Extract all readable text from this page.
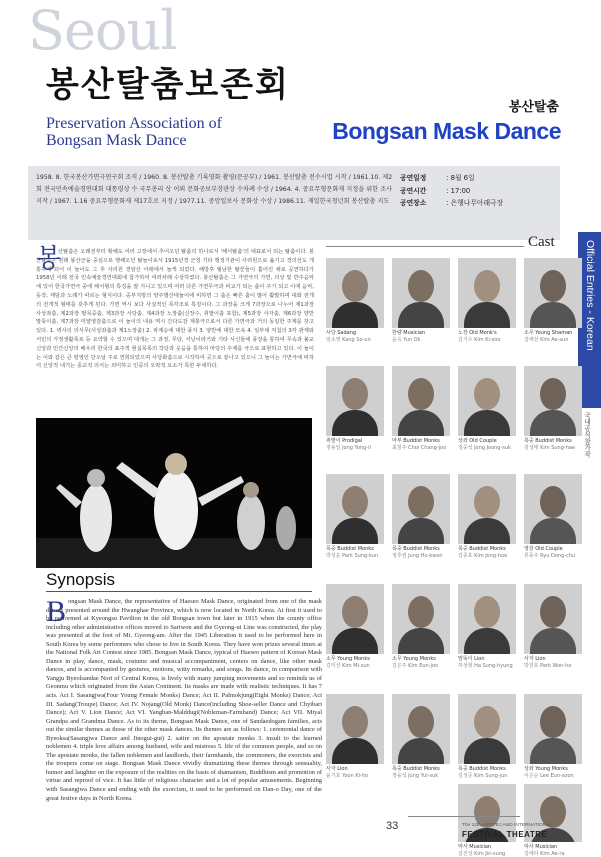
Seoul
봉산탈춤보존회
Preservation Association of
Bongsan Mask Dance
봉산탈춤
Bongsan Mask Dance
1958. 8. 한국봉산가면극연구회 조직 / 1960. 8. 봉산탈춤 기록영화 촬영(문공부) / 1961. 봉산탈춤 전수시업 시작 / 1961.10. 제2회 전국민속예술경연대회 대통령상 수 국무총리 상 이외 문화공보부장관상 수차례 수상 / 1964. 4. 중요무형문화재 지정을 위한 조사 지작 / 1967. 1.16 중요무형문화재 제17호로 지정 / 1977.11. 중앙일보사 문화상 수상 / 1986.11. 재일한국청년회 봉산탈춤 지도
공연일정	: 8월 6일
공연시간	: 17:00
공연장소	: 은행나무아래극장
봉
산탈춤은 오래전부터 황해도 여러 고장에서 추어오던 탈춤의 하나로서 '해서탈춤'의 대표로서 되는 탈춤이다. 봉산탈춤은 원래 봉산군을 중심으로 행해오던 탈놀이로서 1915년경 군청 기타 행정기관이 사리원으로 옮기고 경의선도 개통하게 되어 이 놀이도 그 후 사리원 경암산 아래에서 놀게 되었다. 해방후 월남한 탈꾼들이 흩어진 채로 공연하다가 1958년 이래 전국 민속예술경연대회에 참가하여 여러차례 수상하였다. 봉산탈춤은 그 가면극의 가면, 의상 및 반주음악에 있어 한국가면극 중에 해서형의 특징을 잘 지니고 있으며 여러 다른 가면무극과 비교가 되는 춤이 주가 되고 이에 음악, 동작, 재담과 노래가 따르는 형식이다. 중부지방의 양주별산대놀이에 비하면 그 춤은 빠른 춤이 많아 활발하며 대화 전개의 전개적 형태를 갖추게 된다. 가면 역시 보다 사실적인 목각조로 특징이다. 그 과장을 크게 7과장으로 나누어 제1과장 사상좌춤, 제2과장 팔목중춤, 제3과장 사당춤, 제4과장 노장춤(신장수, 취발이춤 포함), 제5과장 사자춤, 제6과장 양반 말뚝이춤, 제7과장 미얄영감춤으로 이 놀이의 내용 역시 간다도감 계통극으로서 다른 가면극과 거의 동일한 주제를 갖고 있다. 1. 벽사의 의식무(사상좌춤과 제1노장춤) 2. 파계승에 대한 풍자 3. 양반에 대한 모욕 4. 일부대 처첩의 3각 관계와 서민의 가정생활폭로 등 요약할 수 있으며 대개는 그 과정, 무당, 서낭이라기와 기타 사신들에 풍장을 통하여 무속과 불교 신앙과 민간신앙의 배우리 한국의 표주적 현실목록의 작당과 웃음을 통하여 마당의 주제를 극으로 표현하고 있다. 이 놀이는 이와 같은 큰 평영인 단오날 주로 연희되었으며 사당화춤으로 시작하여 곳으로 끝나고 있으니 그 놀이는 가면극에 비하여 신앙적 내기는 종교적 의식는 외미하고 민중의 오락적 요소가 특한 두세하다.
Cast	Official Entries - Korean
국내공식참가작
사당 Sadang
임소영 Kang So-un
한량 Musician
윤옥 Yun Ok
노장 Old Monk's
김기수 Kim Ki-soo
소무 Young Shaman
김애선 Kim Ae-sun
취발이 Prodigal
정용일 Jong Yong-il
마부 Buddist Monks
최창주 Choi Chang-joo
상좌 Old Couple
정중석 Jong Joong-suk
목중 Buddist Monks
김성태 Kim Sung-hae
목중 Buddist Monks
박성운 Park Sung-kun
목중 Buddist Monks
정후권 Jung Hu-kwon
목중 Buddist Monks
김종호 Kim Jong-hoe
영감 Old Couple
류동주 Ryu Dong-chu
소무 Young Monks
김미선 Kim Mi-sun
소무 Young Monks
김은주 Kim Eun-joo
말뚝이 Lion
하성형 Ha Sung-hyung
사자 Lion
박원호 Park Won-ho
사자 Lion
윤기호 Yoon Ki-ho
목중 Buddist Monks
정을석 Jung Yul-suk
목중 Buddist Monks
김성준 Kim Sung-jun
상좌 Young Monks
이은순 Lee Eun-soon
악사 Musician
김진성 Kim Jin-sung
악사 Musician
김애라 Kim Ae-ra
Synopsis
B ongsan Mask Dance, the representative of Haeseo Mask Dance, originated from one of the mask dances presented around the Hwanghae Province, which is now located in North Korea. At first it used to be performed at Kyeongsu Pavilion in the old Bongsan town but later in 1915 when the county office including other administrative offices moved to Sariwon and the Gyeong-ui Line was constructed, the play was presented at the foot of Mt. Gyeong-am. After the 1945 Liberation it used to be performed here in South Korea by some performers who chose to live in South Korea. They have won prizes several times at the National Folk Art Contest since 1985. Bongsan Mask Dance, typical of Haeseo pattern of Korean Mask Dance in play, dance, mask, costume and musical accompaniment, centers on dance, like other mask dances, and is accompanied by gestures, motions, witty remarks, and songs. Its dance, in comparison with Yangju Byeolsandae Nori of Central Korea, is lively with many jumping movements and so reminds us of Geonmu which originated from the Asian Continent. Its masks are made with realistic techniques. It has 7 acts. Act I. Sasangjwa(Four Young Female Monks) Dance; Act II. Palmokjung(Eight Monks) Dance; Act III. Sadang(Troupe) Dance; Act IV. Nojang(Old Monk) Dance(including Shoe-seller Dance and Chyibari Dance); Act V. Lion Dance; Act VI. Yangban-Malddugi(Nobleman-Farmhand) Dance; Act VII. Miyal Grandpa and Grandma Dance. As to its theme, Bongsan Mask Dance, one of Sandaedogam families, acts out the similar themes as those of the other mask dances. Its themes are as follows: 1. ceremonial dance of Byeoksa(Sasangjwa Dance and Jinogui-gut) 2. satire on the apostate monks 3. insult to the learned noblemen 4. triple love affairs among husband, wife and mistress 5. life of the common people, and so on The apostate monks, the fallen noblemen and landlords, their farmhands, the commoners, the exorcists and the troupers come on stage. Bongsan Mask Dance vividly dramatizing these themes through sensuality, humor and laughter on the exposure of the realities on the basis of shamanism, Buddhism and promotion of virtue and reproof of vice. It has little of religious character and a lot of popular amusements. Beginning with Sasangjwa Dance and ending with the exorcism, it used to be performed on Dan-o Day, one of the great festive days in North Korea.
33	The 12th ASSITEJ AND INTERNATIONAL
FESTIVAL THEATRE
